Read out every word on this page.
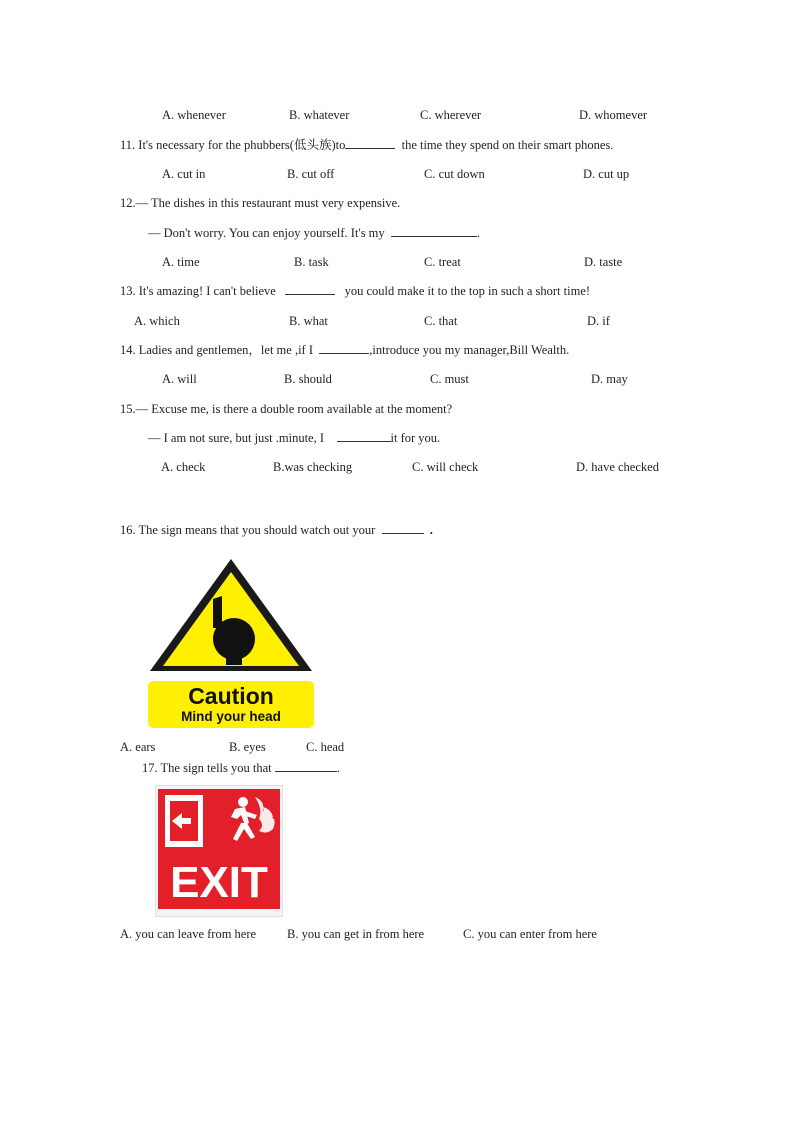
A. whenever	B. whatever	C. wherever	D. whomever
11. It's necessary for the phubbers(低头族)to	the time they spend on their smart phones.
A. cut in	B. cut off	C. cut down	D. cut up
12.— The dishes in this restaurant must very expensive.
— Don't worry. You can enjoy yourself. It's my	.
A. time	B. task	C. treat	D. taste
13. It's amazing! I can't believe	you could make it to the top in such a short time!
A. which	B. what	C. that	D. if
14. Ladies and gentlemen，let me ,if I	,introduce you my manager,Bill Wealth.
A. will	B. should	C. must	D. may
15.— Excuse me, is there a double room available at the moment?
— I am not sure, but just .minute, I	it for you.
A. check	B.was checking	C. will check	D. have checked
16. The sign means that you should watch out your	.
Caution
Mind your head
A. ears	B. eyes	C. head
17. The sign tells you that	.
EXIT
A. you can leave from here B. you can get in from here	C. you can enter from here
